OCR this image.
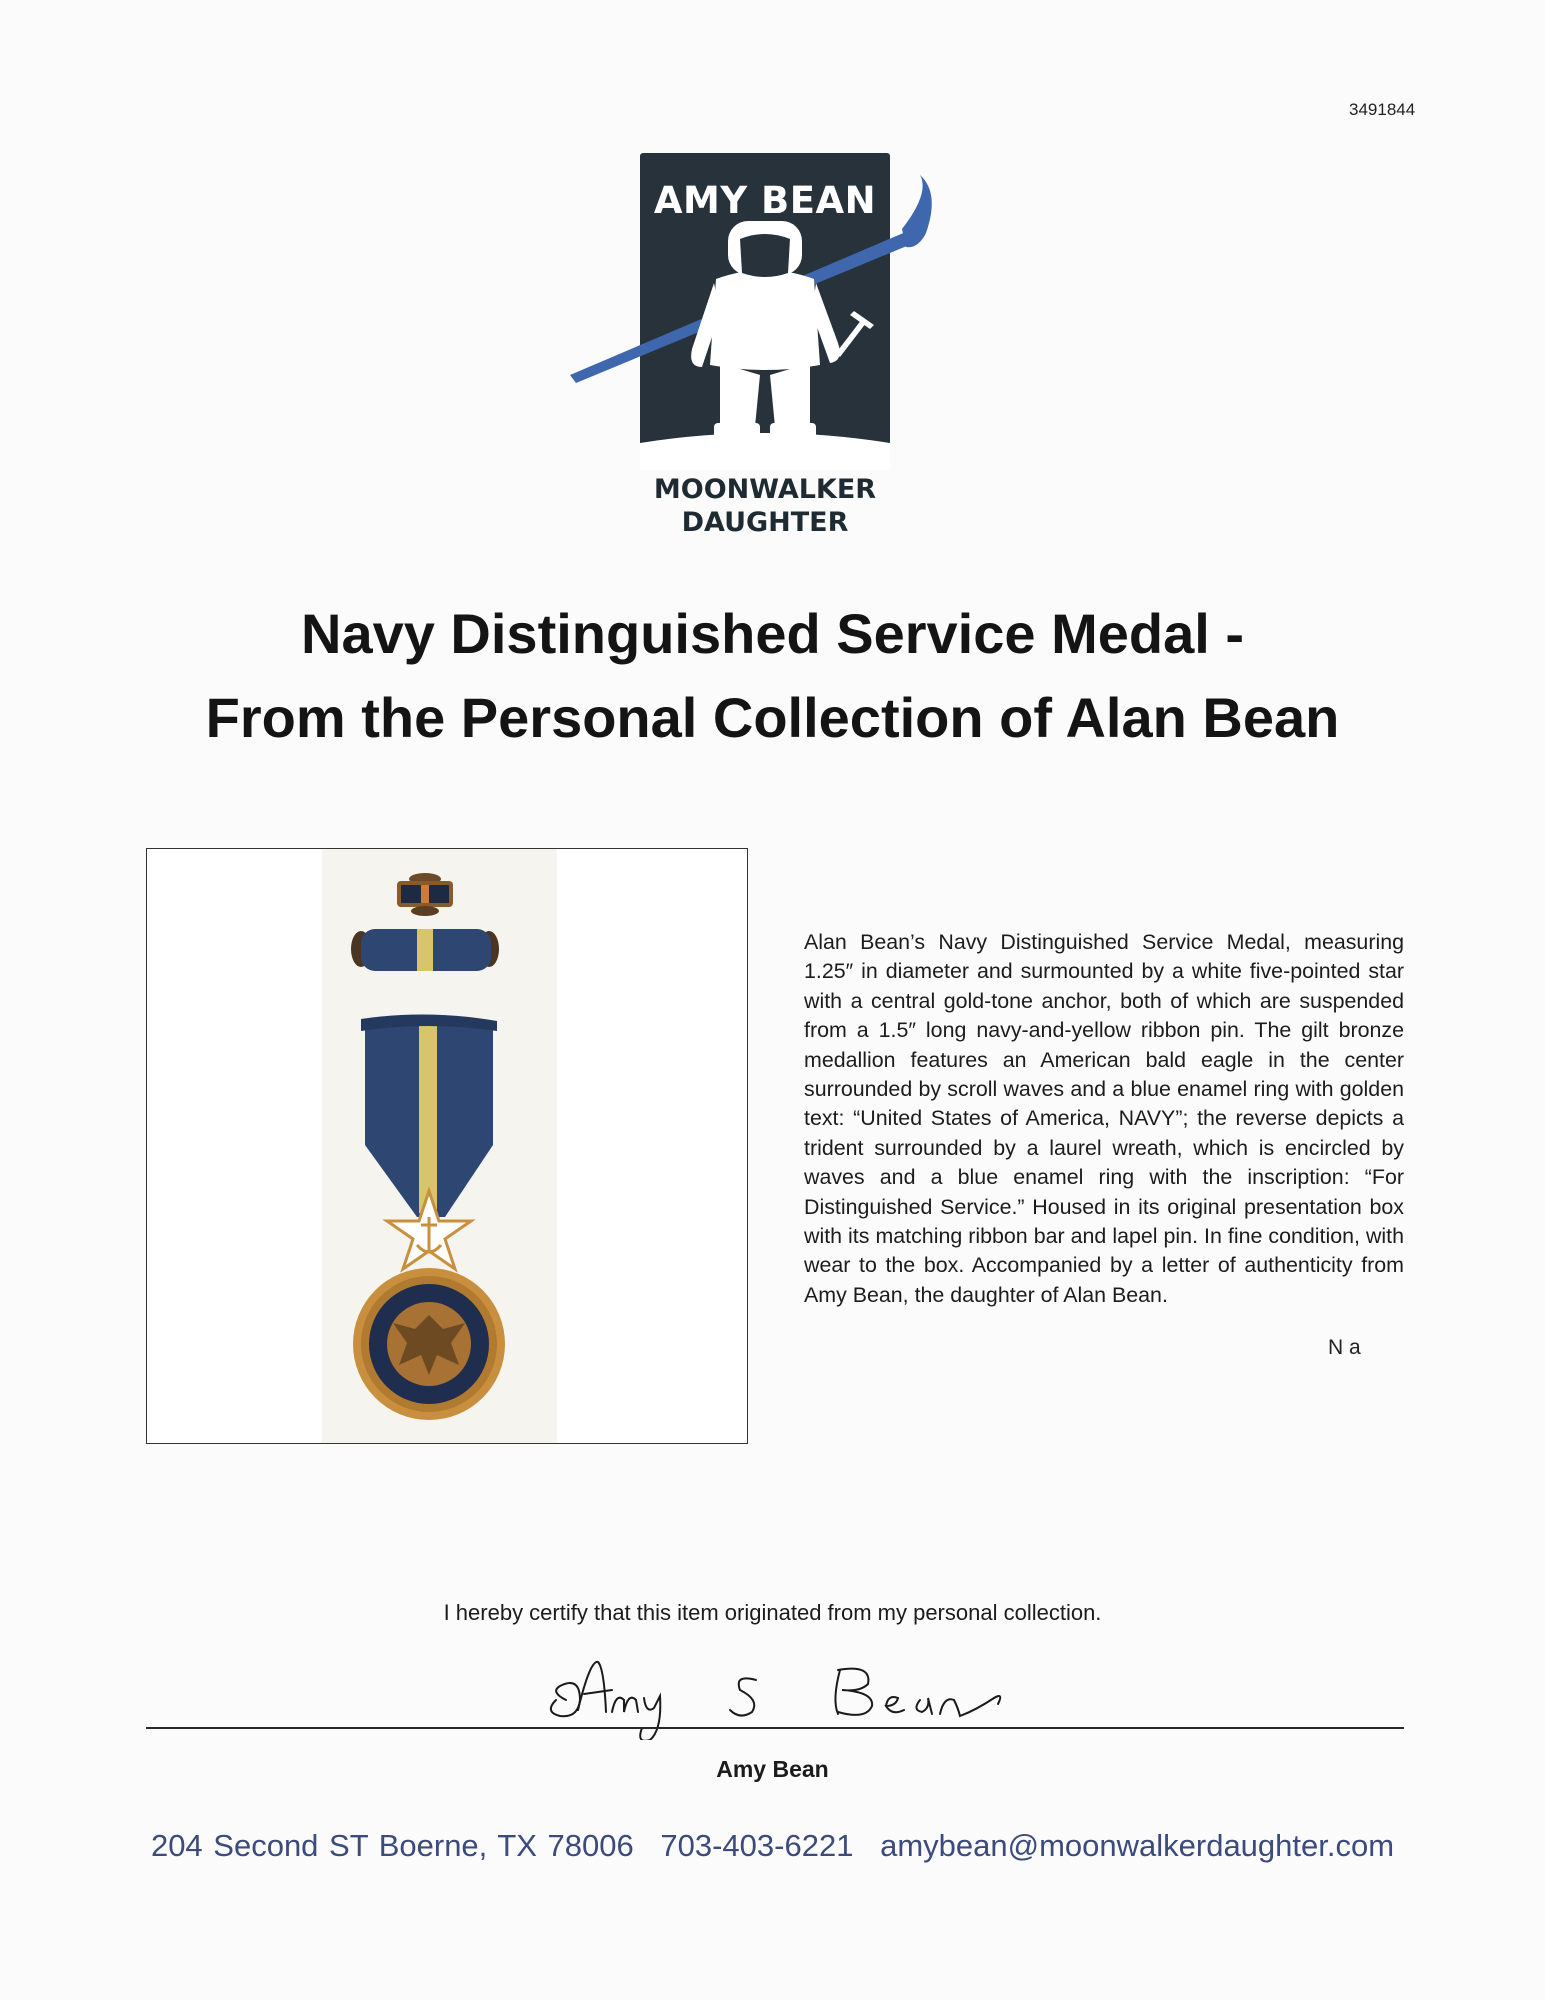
3491844
AMY BEAN
MOONWALKER
DAUGHTER
Navy Distinguished Service Medal -
From the Personal Collection of Alan Bean
Alan Bean’s Navy Distinguished Service Medal, measuring 1.25″ in diameter and surmounted by a white five-pointed star with a central gold-tone anchor, both of which are suspended from a 1.5″ long navy-and-yellow ribbon pin. The gilt bronze medallion features an American bald eagle in the center surrounded by scroll waves and a blue enamel ring with golden text: “United States of America, NAVY”; the reverse depicts a trident surrounded by a laurel wreath, which is encircled by waves and a blue enamel ring with the inscription: “For Distinguished Service.” Housed in its original presentation box with its matching ribbon bar and lapel pin. In fine condition, with wear to the box. Accompanied by a letter of authenticity from Amy Bean, the daughter of Alan Bean.
N a
I hereby certify that this item originated from my personal collection.
Amy Bean
204 Second ST Boerne, TX 78006 703-403-6221 amybean@moonwalkerdaughter.com
